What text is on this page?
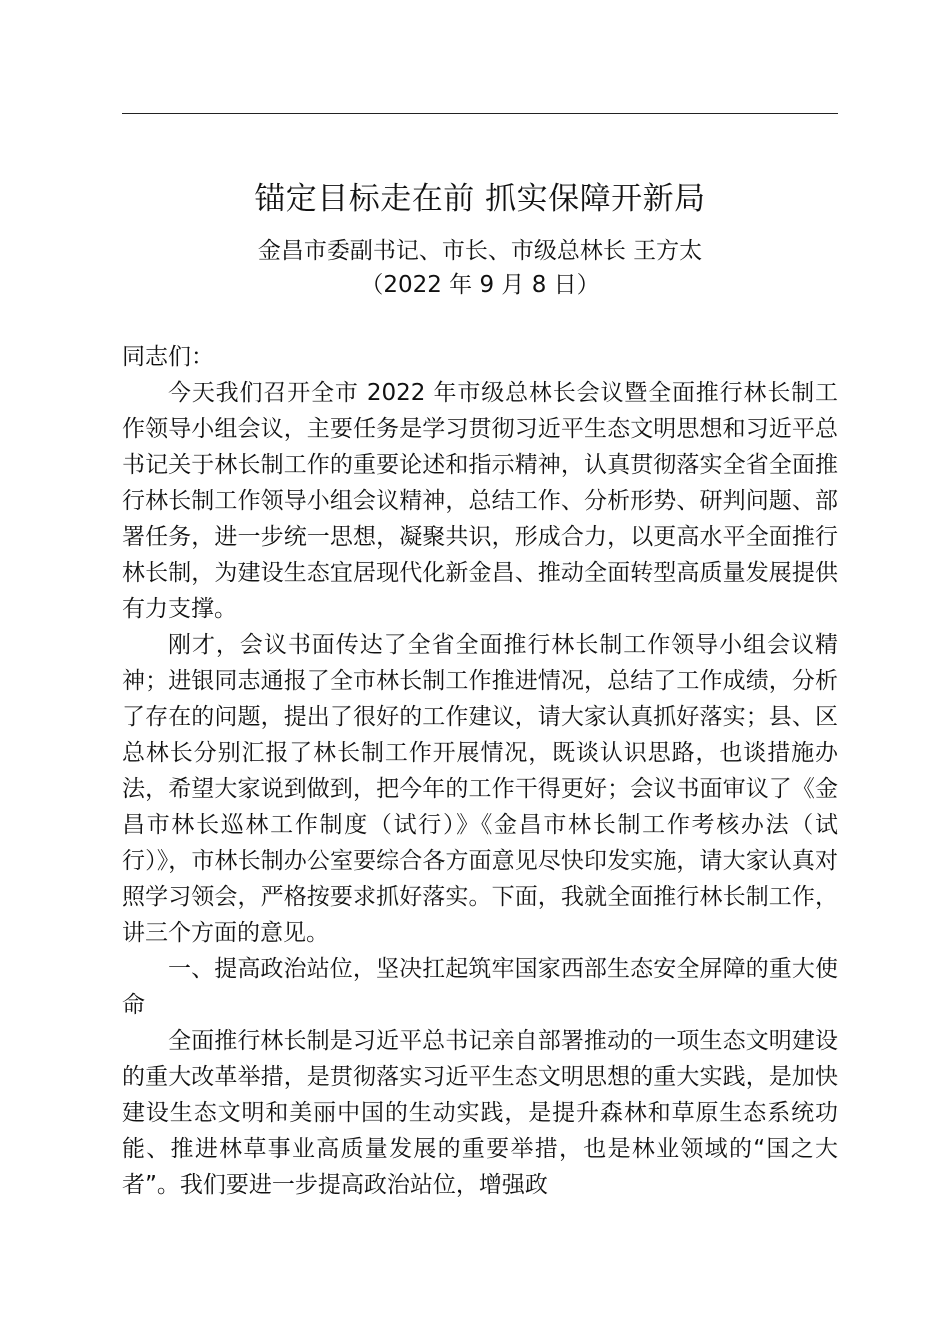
锚定目标走在前 抓实保障开新局
金昌市委副书记、市长、市级总林长 王方太
（2022 年 9 月 8 日）

同志们：

今天我们召开全市 2022 年市级总林长会议暨全面推行林长制工作领导小组会议，主要任务是学习贯彻习近平生态文明思想和习近平总书记关于林长制工作的重要论述和指示精神，认真贯彻落实全省全面推行林长制工作领导小组会议精神，总结工作、分析形势、研判问题、部署任务，进一步统一思想，凝聚共识，形成合力，以更高水平全面推行林长制，为建设生态宜居现代化新金昌、推动全面转型高质量发展提供有力支撑。

刚才，会议书面传达了全省全面推行林长制工作领导小组会议精神；进银同志通报了全市林长制工作推进情况，总结了工作成绩，分析了存在的问题，提出了很好的工作建议，请大家认真抓好落实；县、区总林长分别汇报了林长制工作开展情况，既谈认识思路，也谈措施办法，希望大家说到做到，把今年的工作干得更好；会议书面审议了《金昌市林长巡林工作制度（试行）》《金昌市林长制工作考核办法（试行）》，市林长制办公室要综合各方面意见尽快印发实施，请大家认真对照学习领会，严格按要求抓好落实。下面，我就全面推行林长制工作，讲三个方面的意见。

一、提高政治站位，坚决扛起筑牢国家西部生态安全屏障的重大使命

全面推行林长制是习近平总书记亲自部署推动的一项生态文明建设的重大改革举措，是贯彻落实习近平生态文明思想的重大实践，是加快建设生态文明和美丽中国的生动实践，是提升森林和草原生态系统功能、推进林草事业高质量发展的重要举措，也是林业领域的“国之大者”。我们要进一步提高政治站位，增强政
